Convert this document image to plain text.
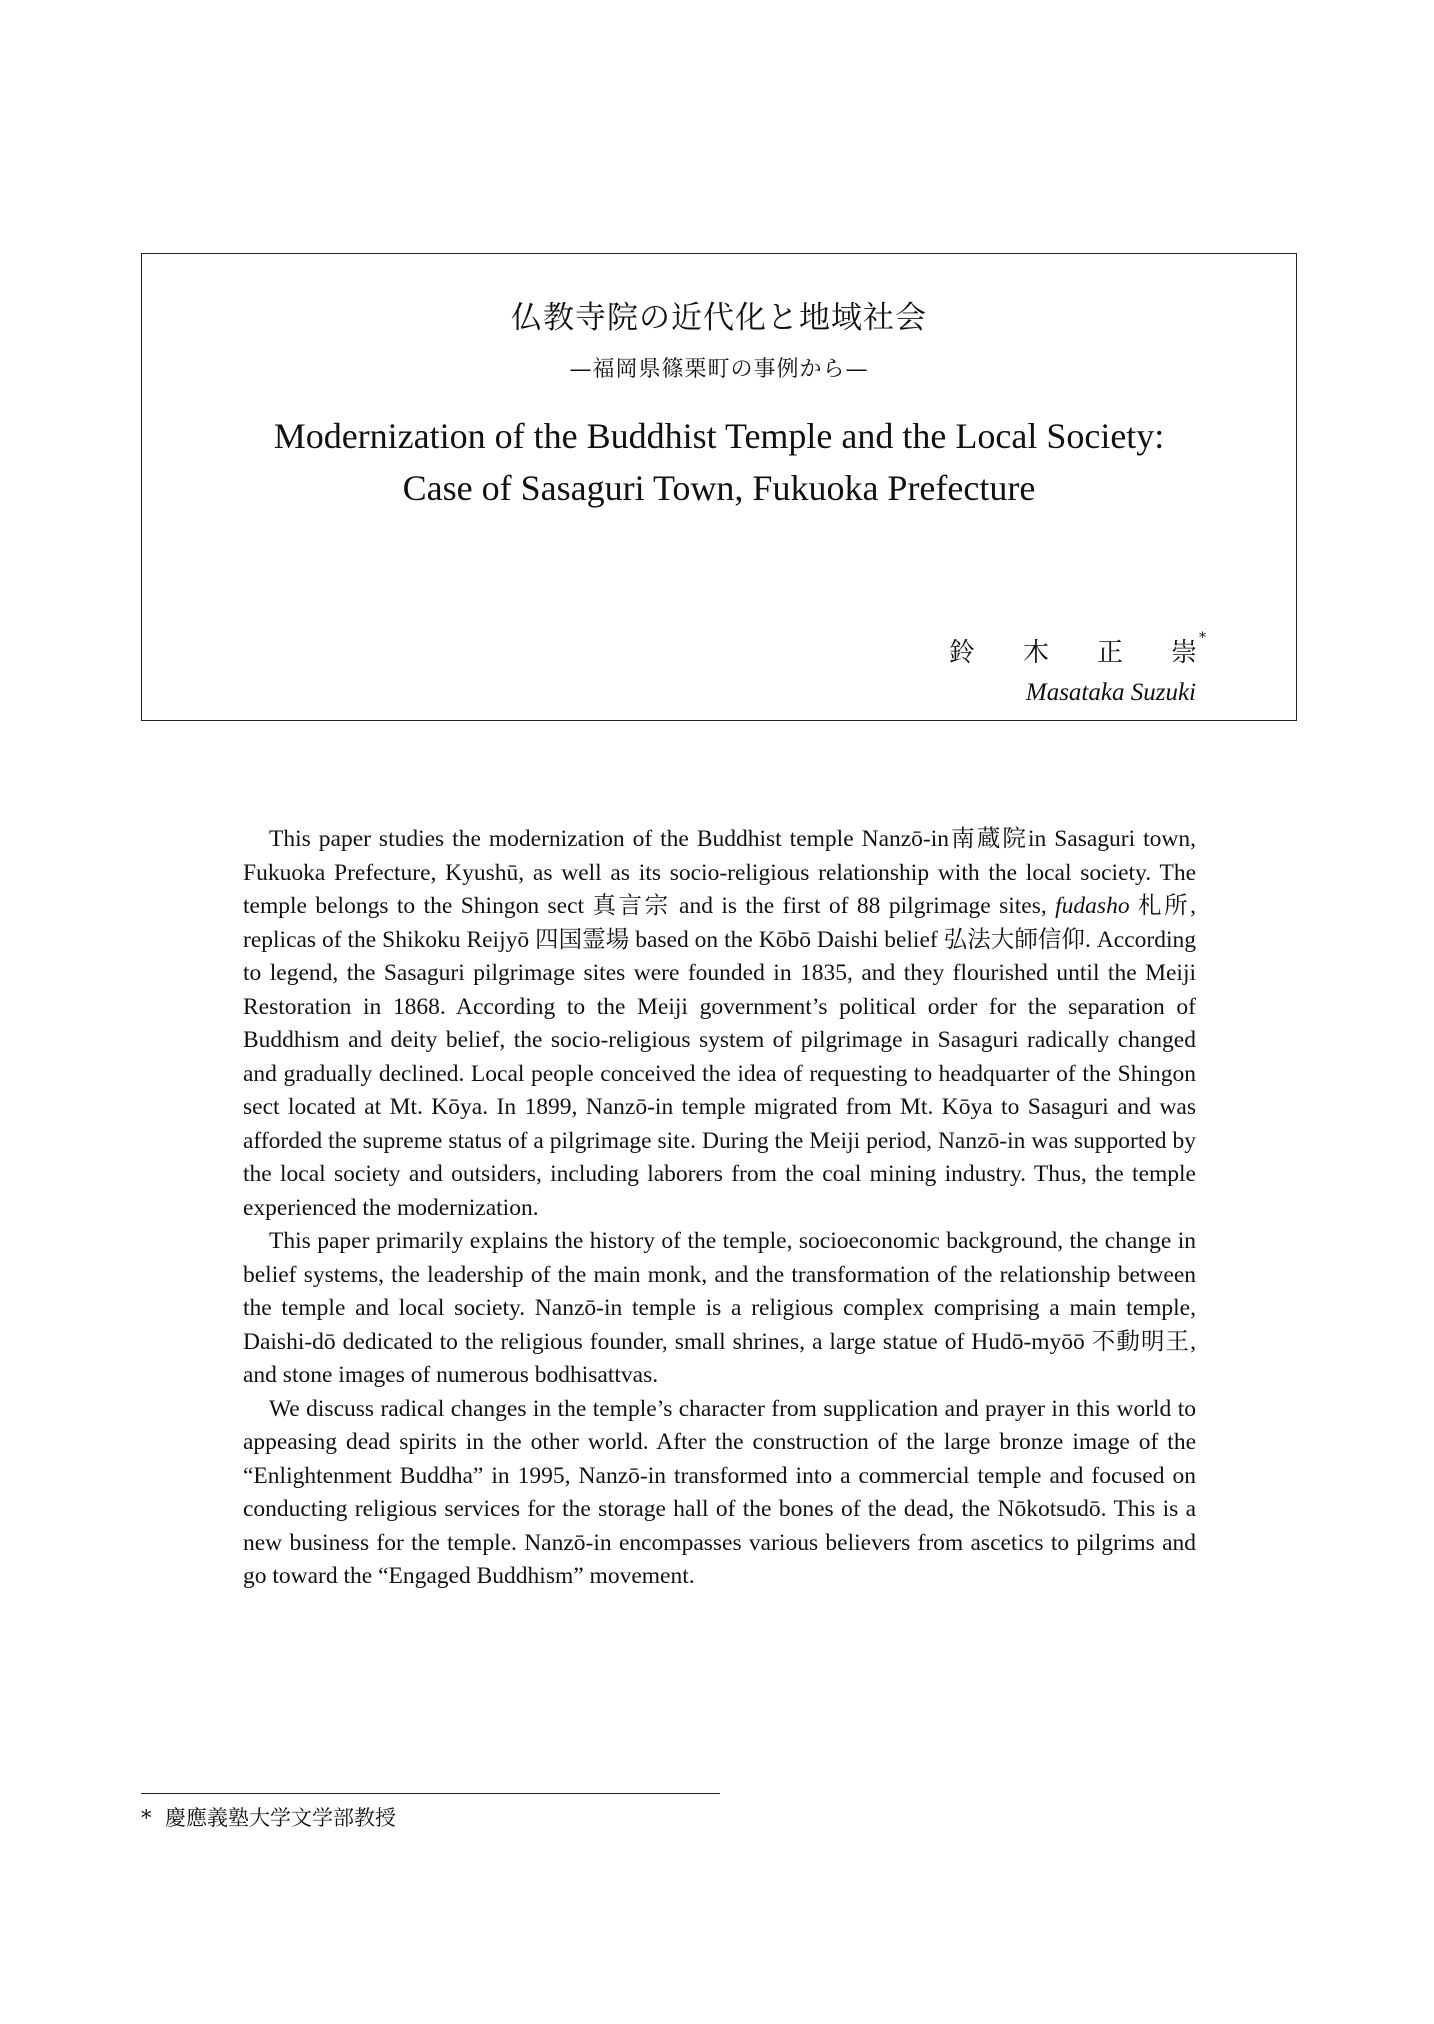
仏教寺院の近代化と地域社会
—福岡県篠栗町の事例から—
Modernization of the Buddhist Temple and the Local Society:
Case of Sasaguri Town, Fukuoka Prefecture
鈴 木 正 崇 *
Masataka Suzuki

This paper studies the modernization of the Buddhist temple Nanzō-in南蔵院in Sasaguri town, Fukuoka Prefecture, Kyushū, as well as its socio-religious relationship with the local society. The temple belongs to the Shingon sect 真言宗 and is the first of 88 pilgrimage sites, fudasho 札所, replicas of the Shikoku Reijyō 四国霊場 based on the Kōbō Daishi belief 弘法大師信仰. According to legend, the Sasaguri pilgrimage sites were founded in 1835, and they flourished until the Meiji Restoration in 1868. According to the Meiji government’s political order for the separation of Buddhism and deity belief, the socio-religious system of pilgrimage in Sasaguri radically changed and gradually declined. Local people conceived the idea of requesting to headquarter of the Shingon sect located at Mt. Kōya. In 1899, Nanzō-in temple migrated from Mt. Kōya to Sasaguri and was afforded the supreme status of a pilgrimage site. During the Meiji period, Nanzō-in was supported by the local society and outsiders, including laborers from the coal mining industry. Thus, the temple experienced the modernization.

This paper primarily explains the history of the temple, socioeconomic background, the change in belief systems, the leadership of the main monk, and the transformation of the relationship between the temple and local society. Nanzō-in temple is a religious complex comprising a main temple, Daishi-dō dedicated to the religious founder, small shrines, a large statue of Hudō-myōō 不動明王, and stone images of numerous bodhisattvas.

We discuss radical changes in the temple’s character from supplication and prayer in this world to appeasing dead spirits in the other world. After the construction of the large bronze image of the “Enlightenment Buddha” in 1995, Nanzō-in transformed into a commercial temple and focused on conducting religious services for the storage hall of the bones of the dead, the Nōkotsudō. This is a new business for the temple. Nanzō-in encompasses various believers from ascetics to pilgrims and go toward the “Engaged Buddhism” movement.

* 慶應義塾大学文学部教授
